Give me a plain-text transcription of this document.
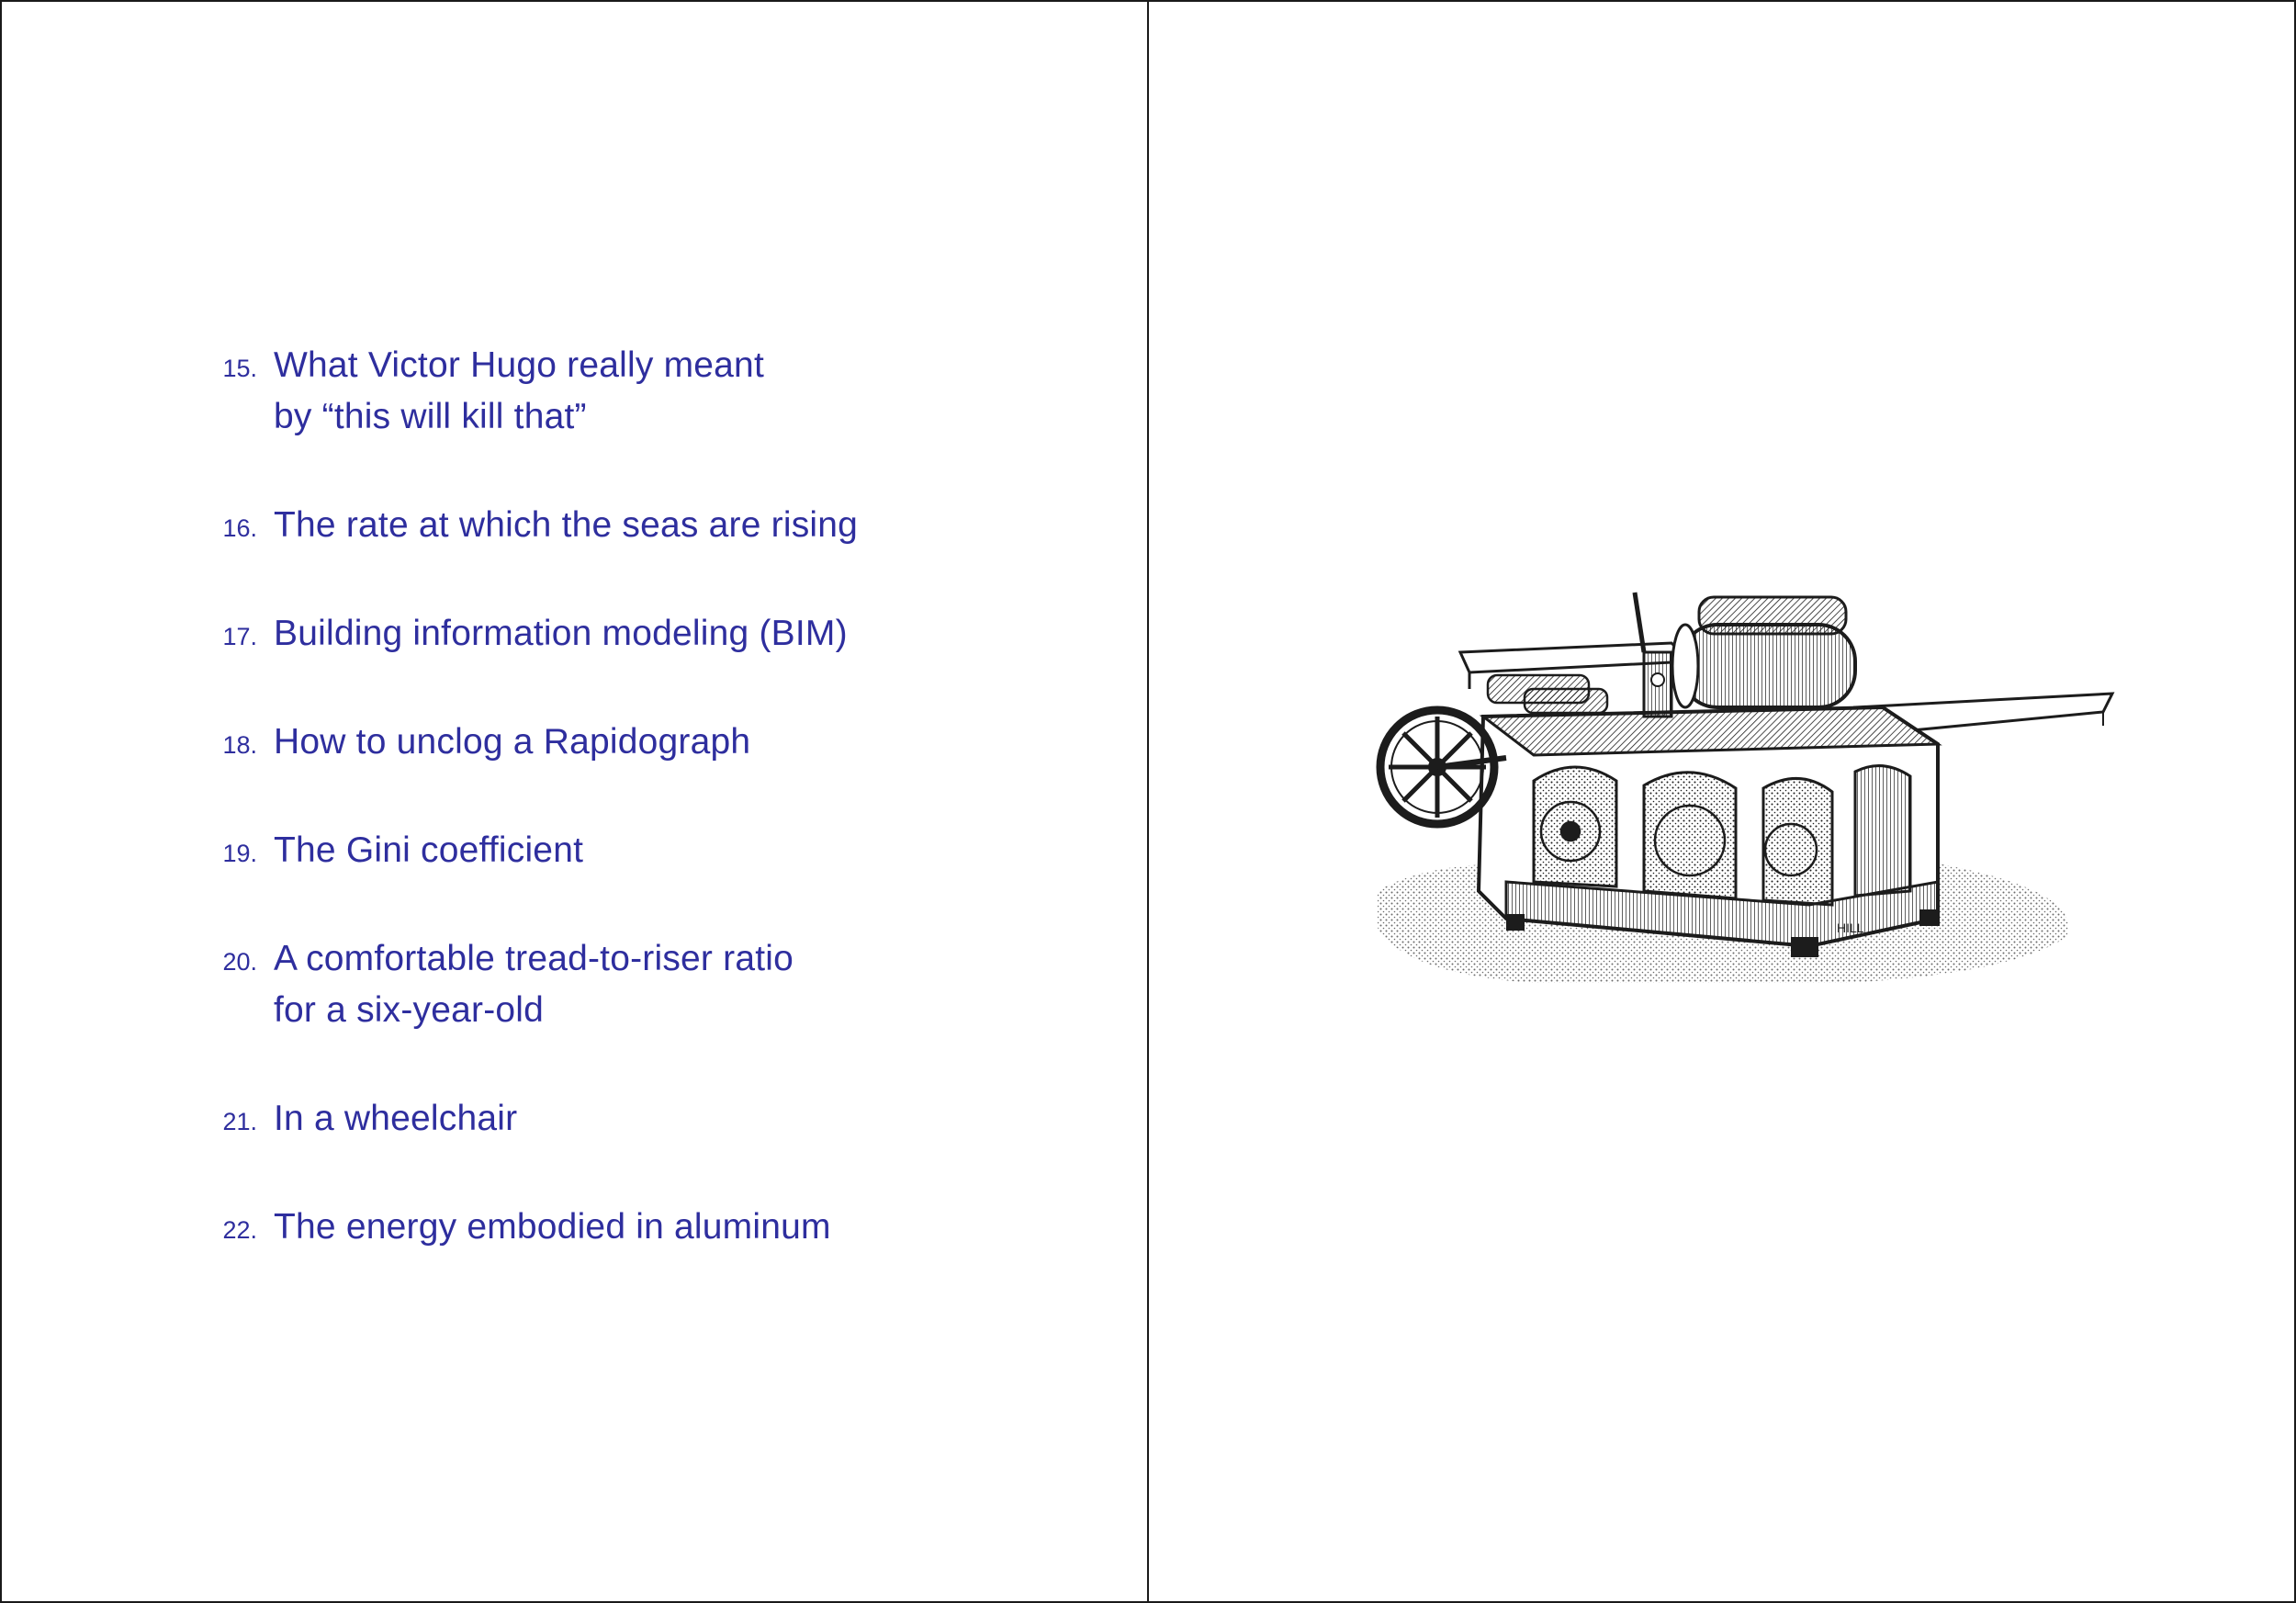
15. What Victor Hugo really meant
by “this will kill that”
16. The rate at which the seas are rising
17. Building information modeling (BIM)
18. How to unclog a Rapidograph
19. The Gini coefficient
20. A comfortable tread-to-riser ratio
for a six-year-old
21. In a wheelchair
22. The energy embodied in aluminum
HILL
